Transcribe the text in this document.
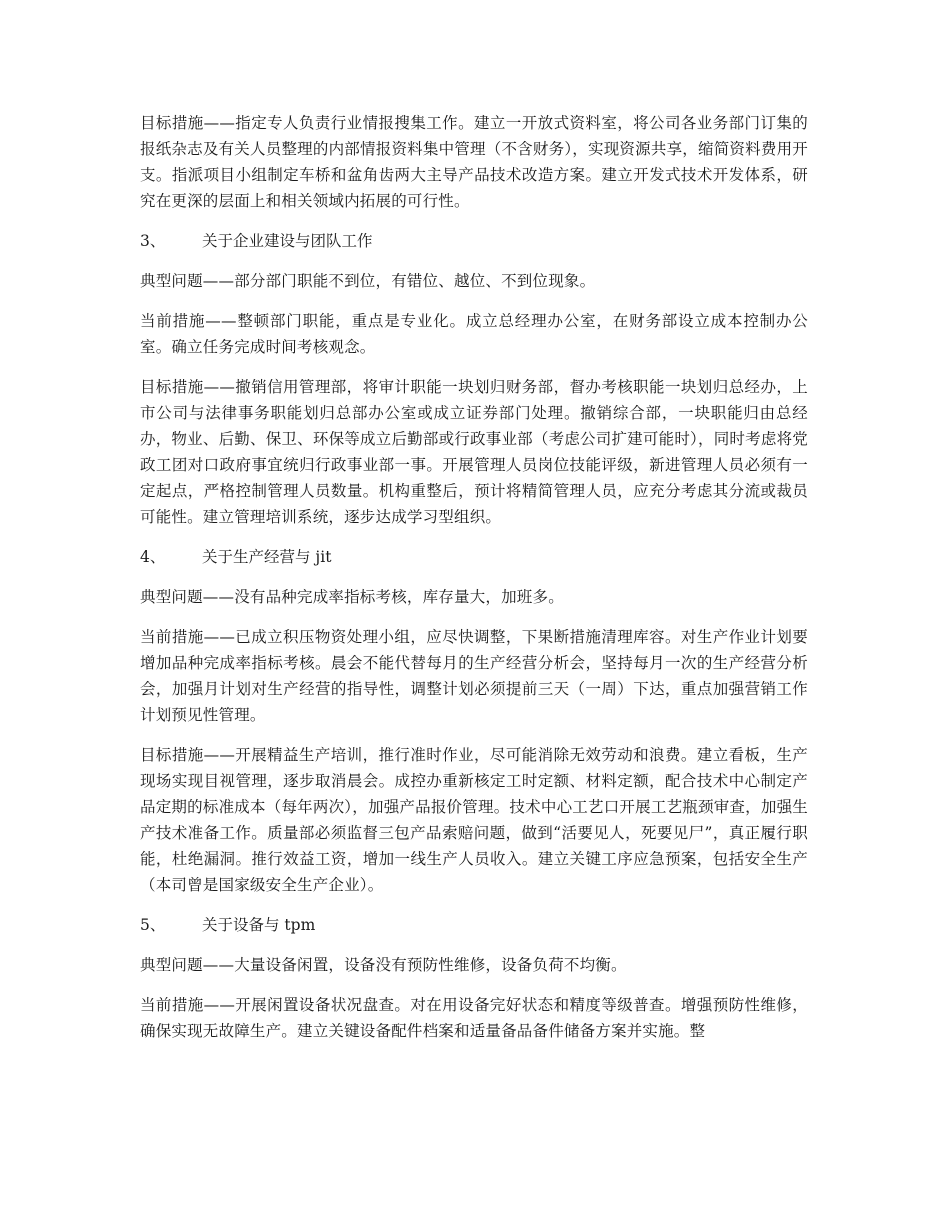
目标措施——指定专人负责行业情报搜集工作。建立一开放式资料室，将公司各业务部门订集的报纸杂志及有关人员整理的内部情报资料集中管理（不含财务），实现资源共享，缩简资料费用开支。指派项目小组制定车桥和盆角齿两大主导产品技术改造方案。建立开发式技术开发体系，研究在更深的层面上和相关领域内拓展的可行性。

3、	关于企业建设与团队工作

典型问题——部分部门职能不到位，有错位、越位、不到位现象。

当前措施——整顿部门职能，重点是专业化。成立总经理办公室，在财务部设立成本控制办公室。确立任务完成时间考核观念。

目标措施——撤销信用管理部，将审计职能一块划归财务部，督办考核职能一块划归总经办，上市公司与法律事务职能划归总部办公室或成立证券部门处理。撤销综合部，一块职能归由总经办，物业、后勤、保卫、环保等成立后勤部或行政事业部（考虑公司扩建可能时），同时考虑将党政工团对口政府事宜统归行政事业部一事。开展管理人员岗位技能评级，新进管理人员必须有一定起点，严格控制管理人员数量。机构重整后，预计将精简管理人员，应充分考虑其分流或裁员可能性。建立管理培训系统，逐步达成学习型组织。

4、	关于生产经营与 jit

典型问题——没有品种完成率指标考核，库存量大，加班多。

当前措施——已成立积压物资处理小组，应尽快调整，下果断措施清理库容。对生产作业计划要增加品种完成率指标考核。晨会不能代替每月的生产经营分析会，坚持每月一次的生产经营分析会，加强月计划对生产经营的指导性，调整计划必须提前三天（一周）下达，重点加强营销工作计划预见性管理。

目标措施——开展精益生产培训，推行准时作业，尽可能消除无效劳动和浪费。建立看板，生产现场实现目视管理，逐步取消晨会。成控办重新核定工时定额、材料定额，配合技术中心制定产品定期的标准成本（每年两次），加强产品报价管理。技术中心工艺口开展工艺瓶颈审查，加强生产技术准备工作。质量部必须监督三包产品索赔问题，做到“活要见人，死要见尸”，真正履行职能，杜绝漏洞。推行效益工资，增加一线生产人员收入。建立关键工序应急预案，包括安全生产（本司曾是国家级安全生产企业）。

5、	关于设备与 tpm

典型问题——大量设备闲置，设备没有预防性维修，设备负荷不均衡。

当前措施——开展闲置设备状况盘查。对在用设备完好状态和精度等级普查。增强预防性维修，确保实现无故障生产。建立关键设备配件档案和适量备品备件储备方案并实施。整
